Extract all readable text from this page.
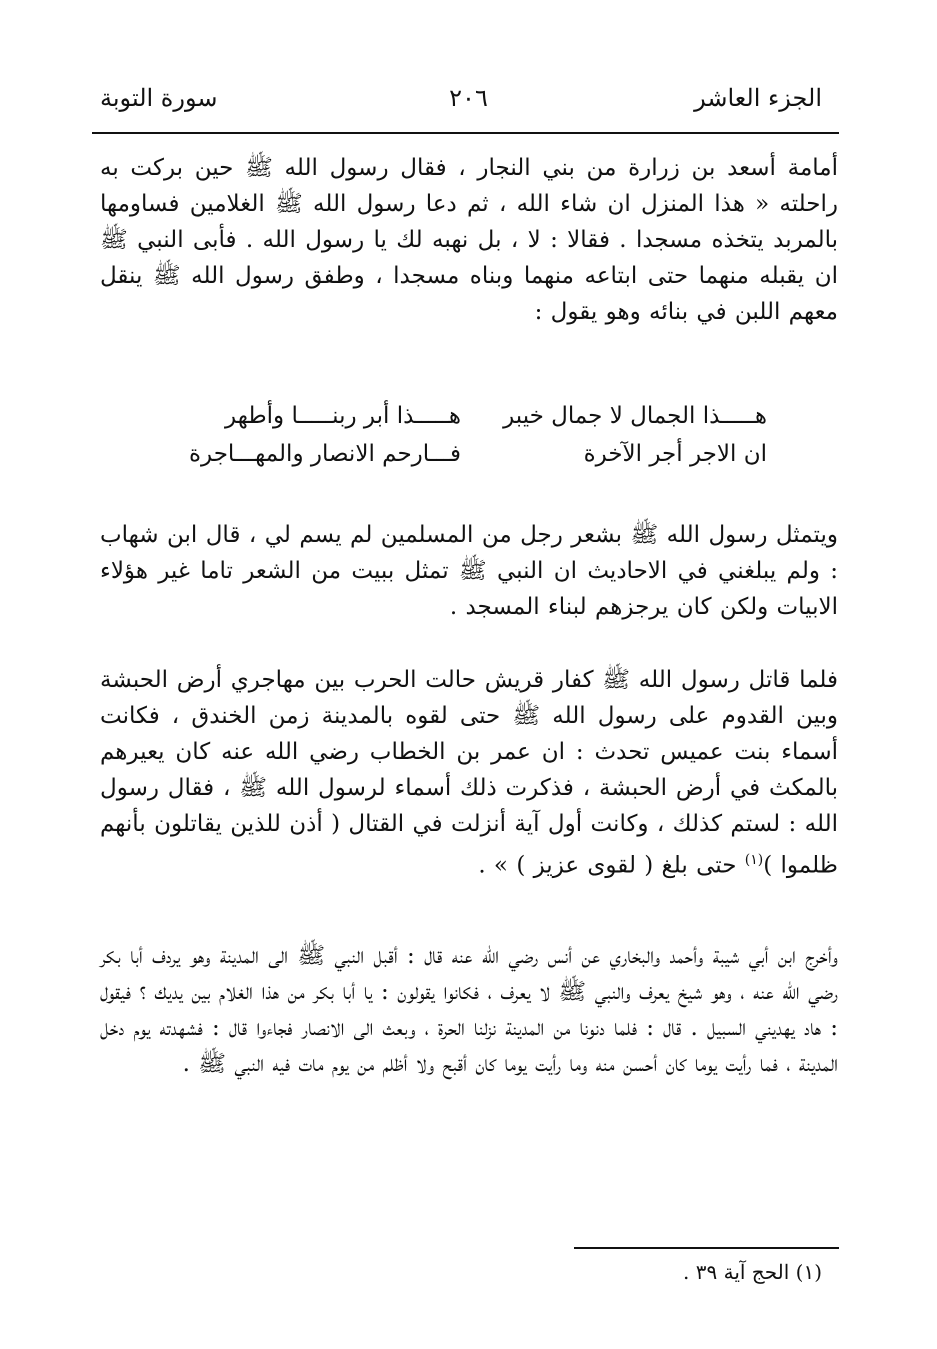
الجزء العاشر
٢٠٦
سورة التوبة
أمامة أسعد بن زرارة من بني النجار ، فقال رسول الله ﷺ حين بركت به راحلته « هذا المنزل ان شاء الله ، ثم دعا رسول الله ﷺ الغلامين فساومها بالمربد يتخذه مسجدا . فقالا : لا ، بل نهبه لك يا رسول الله . فأبى النبي ﷺ ان يقبله منهما حتى ابتاعه منهما وبناه مسجدا ، وطفق رسول الله ﷺ ينقل معهم اللبن في بنائه وهو يقول :
هـــــذا الجمال لا جمال خيبر
هـــــذا أبر ربنـــــا وأطهر
ان الاجر أجر الآخرة
فـــارحم الانصار والمهـــاجرة
ويتمثل رسول الله ﷺ بشعر رجل من المسلمين لم يسم لي ، قال ابن شهاب : ولم يبلغني في الاحاديث ان النبي ﷺ تمثل ببيت من الشعر تاما غير هؤلاء الابيات ولكن كان يرجزهم لبناء المسجد .
فلما قاتل رسول الله ﷺ كفار قريش حالت الحرب بين مهاجري أرض الحبشة وبين القدوم على رسول الله ﷺ حتى لقوه بالمدينة زمن الخندق ، فكانت أسماء بنت عميس تحدث : ان عمر بن الخطاب رضي الله عنه كان يعيرهم بالمكث في أرض الحبشة ، فذكرت ذلك أسماء لرسول الله ﷺ ، فقال رسول الله : لستم كذلك ، وكانت أول آية أنزلت في القتال ( أذن للذين يقاتلون بأنهم ظلموا )$^{(١)}$ حتى بلغ ( لقوى عزيز ) » .
وأخرج ابن أبي شيبة وأحمد والبخاري عن أنس رضي الله عنه قال : أقبل النبي ﷺ الى المدينة وهو يردف أبا بكر رضي الله عنه ، وهو شيخ يعرف والنبي ﷺ لا يعرف ، فكانوا يقولون : يا أبا بكر من هذا الغلام بين يديك ؟ فيقول : هاد يهديني السبيل . قال : فلما دنونا من المدينة نزلنا الحرة ، وبعث الى الانصار فجاءوا قال : فشهدته يوم دخل المدينة ، فما رأيت يوما كان أحسن منه وما رأيت يوما كان أقبح ولا أظلم من يوم مات فيه النبي ﷺ .
(١) الحج آية ٣٩ .
